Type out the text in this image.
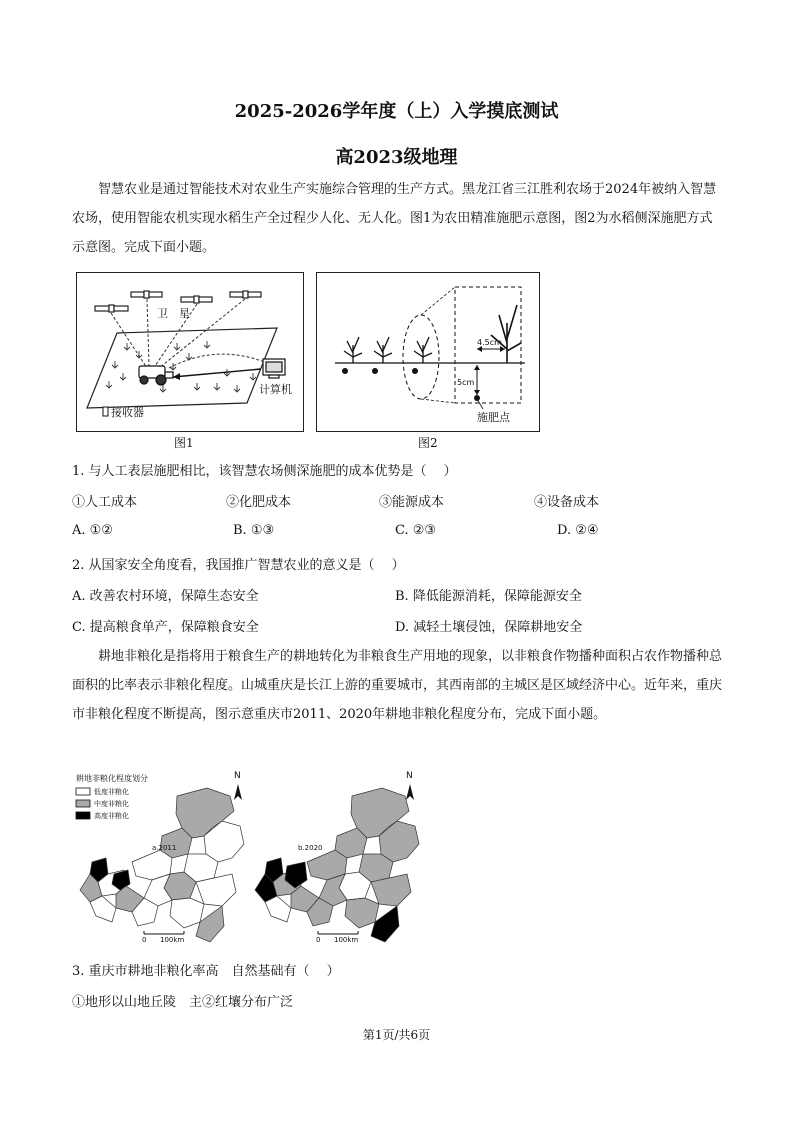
2025-2026学年度（上）入学摸底测试
高2023级地理
智慧农业是通过智能技术对农业生产实施综合管理的生产方式。黑龙江省三江胜利农场于2024年被纳入智慧农场，使用智能农机实现水稻生产全过程少人化、无人化。图1为农田精准施肥示意图，图2为水稻侧深施肥方式示意图。完成下面小题。
卫　星
计算机
接收器
图1
4.5cm
5cm
施肥点
图2
1. 与人工表层施肥相比，该智慧农场侧深施肥的成本优势是（　 ）
①人工成本	②化肥成本	③能源成本	④设备成本
A. ①②	B. ①③	C. ②③	D. ②④
2. 从国家安全角度看，我国推广智慧农业的意义是（　 ）
A. 改善农村环境，保障生态安全	B. 降低能源消耗，保障能源安全
C. 提高粮食单产，保障粮食安全	D. 减轻土壤侵蚀，保障耕地安全
耕地非粮化是指将用于粮食生产的耕地转化为非粮食生产用地的现象，以非粮食作物播种面积占农作物播种总面积的比率表示非粮化程度。山城重庆是长江上游的重要城市，其西南部的主城区是区域经济中心。近年来，重庆市非粮化程度不断提高，图示意重庆市2011、2020年耕地非粮化程度分布，完成下面小题。
耕地非粮化程度划分
低度非粮化
中度非粮化
高度非粮化
a.2011
N
0 100km
b.2020
N
0 100km
3. 重庆市耕地非粮化率高　自然基础有（　 ）
①地形以山地丘陵　主②红壤分布广泛
第1页/共6页
